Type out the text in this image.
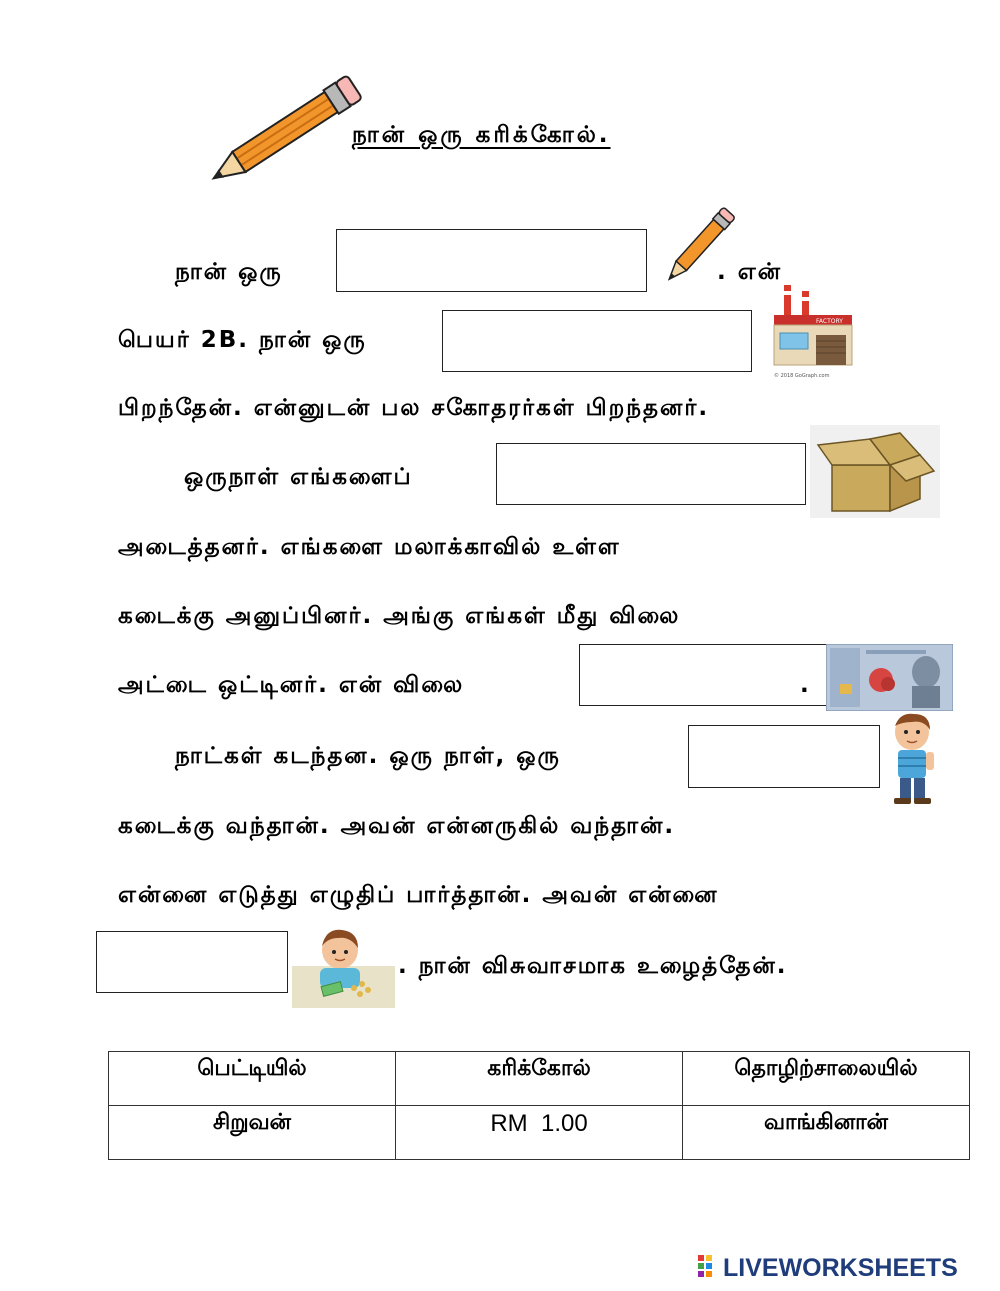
நான் ஒரு கரிக்கோல்.
நான் ஒரு	. என்
பெயர் 2B. நான் ஒரு
FACTORY
© 2018 GoGraph.com
பிறந்தேன். என்னுடன் பல சகோதரர்கள் பிறந்தனர்.
ஒருநாள் எங்களைப்
அடைத்தனர். எங்களை மலாக்காவில் உள்ள
கடைக்கு அனுப்பினர். அங்கு எங்கள் மீது விலை
அட்டை ஒட்டினர். என் விலை	.
நாட்கள் கடந்தன. ஒரு நாள், ஒரு
கடைக்கு வந்தான். அவன் என்னருகில் வந்தான்.
என்னை எடுத்து எழுதிப் பார்த்தான். அவன் என்னை
. நான் விசுவாசமாக உழைத்தேன்.
பெட்டியில்	கரிக்கோல்	தொழிற்சாலையில்
சிறுவன்	RM  1.00	வாங்கினான்
LIVEWORKSHEETS
